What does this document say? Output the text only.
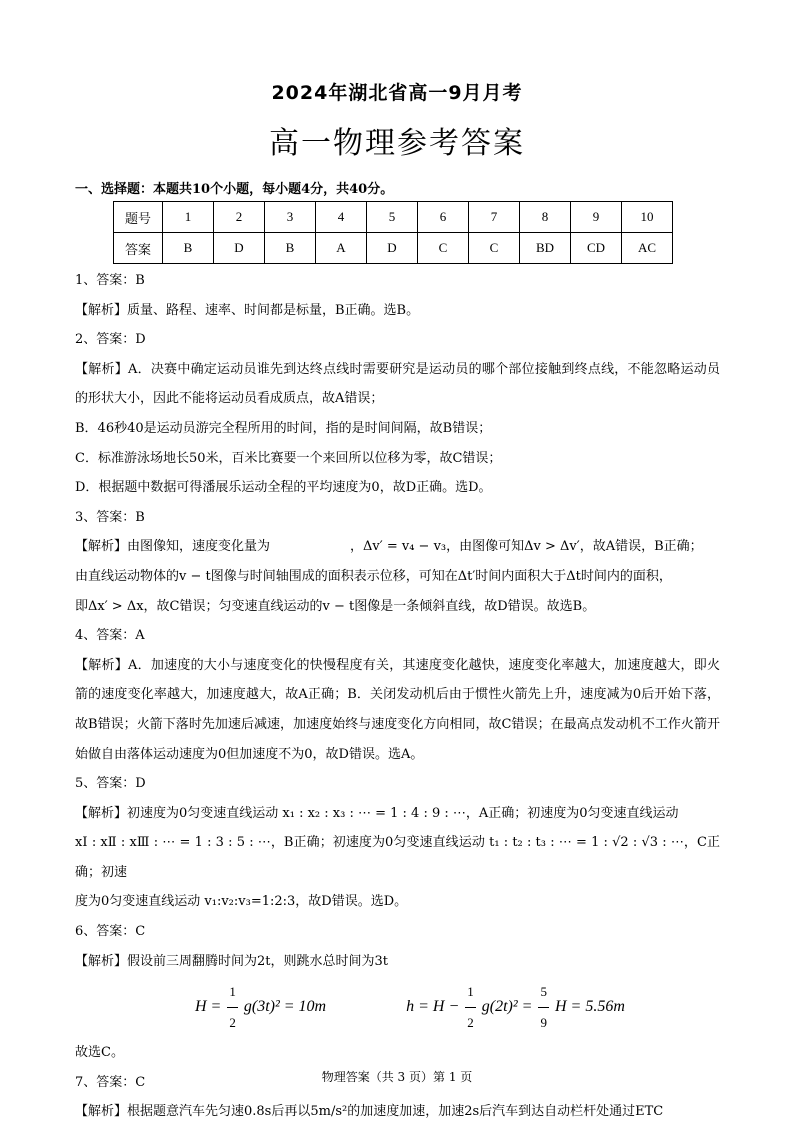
2024年湖北省高一9月月考
高一物理参考答案
一、选择题：本题共10个小题，每小题4分，共40分。
题号	1	2	3	4	5	6	7	8	9	10
答案	B	D	B	A	D	C	C	BD	CD	AC

1、答案：B

【解析】质量、路程、速率、时间都是标量，B正确。选B。

2、答案：D

【解析】A．决赛中确定运动员谁先到达终点线时需要研究是运动员的哪个部位接触到终点线，不能忽略运动员的形状大小，因此不能将运动员看成质点，故A错误；

B．46秒40是运动员游完全程所用的时间，指的是时间间隔，故B错误；

C．标准游泳场地长50米，百米比赛要一个来回所以位移为零，故C错误；

D．根据题中数据可得潘展乐运动全程的平均速度为0，故D正确。选D。

3、答案：B

【解析】由图像知，速度变化量为	，Δv′ = v₄ − v₃，由图像可知Δv > Δv′，故A错误，B正确；

由直线运动物体的v − t图像与时间轴围成的面积表示位移，可知在Δt′时间内面积大于Δt时间内的面积，

即Δx′ > Δx，故C错误；匀变速直线运动的v − t图像是一条倾斜直线，故D错误。故选B。

4、答案：A

【解析】A．加速度的大小与速度变化的快慢程度有关，其速度变化越快，速度变化率越大，加速度越大，即火箭的速度变化率越大，加速度越大，故A正确；B．关闭发动机后由于惯性火箭先上升，速度减为0后开始下落，故B错误；火箭下落时先加速后减速，加速度始终与速度变化方向相同，故C错误；在最高点发动机不工作火箭开始做自由落体运动速度为0但加速度不为0，故D错误。选A。

5、答案：D

【解析】初速度为0匀变速直线运动 x₁ : x₂ : x₃ : ⋯ = 1 : 4 : 9 : ⋯，A正确；初速度为0匀变速直线运动

xⅠ : xⅡ : xⅢ : ⋯ = 1 : 3 : 5 : ⋯，B正确；初速度为0匀变速直线运动 t₁ : t₂ : t₃ : ⋯ = 1 : √2 : √3 : ⋯，C正确；初速

度为0匀变速直线运动 v₁:v₂:v₃=1:2:3，故D错误。选D。

6、答案：C

【解析】假设前三周翻腾时间为2t，则跳水总时间为3t

$H = \frac{1}{2} g(3t)^2 = 10m$	$h = H - \frac{1}{2} g(2t)^2 = \frac{5}{9}$ H = 5.56m

故选C。

7、答案：C

【解析】根据题意汽车先匀速0.8s后再以5m/s²的加速度加速，加速2s后汽车到达自动栏杆处通过ETC

物理答案（共 3 页）第 1 页
